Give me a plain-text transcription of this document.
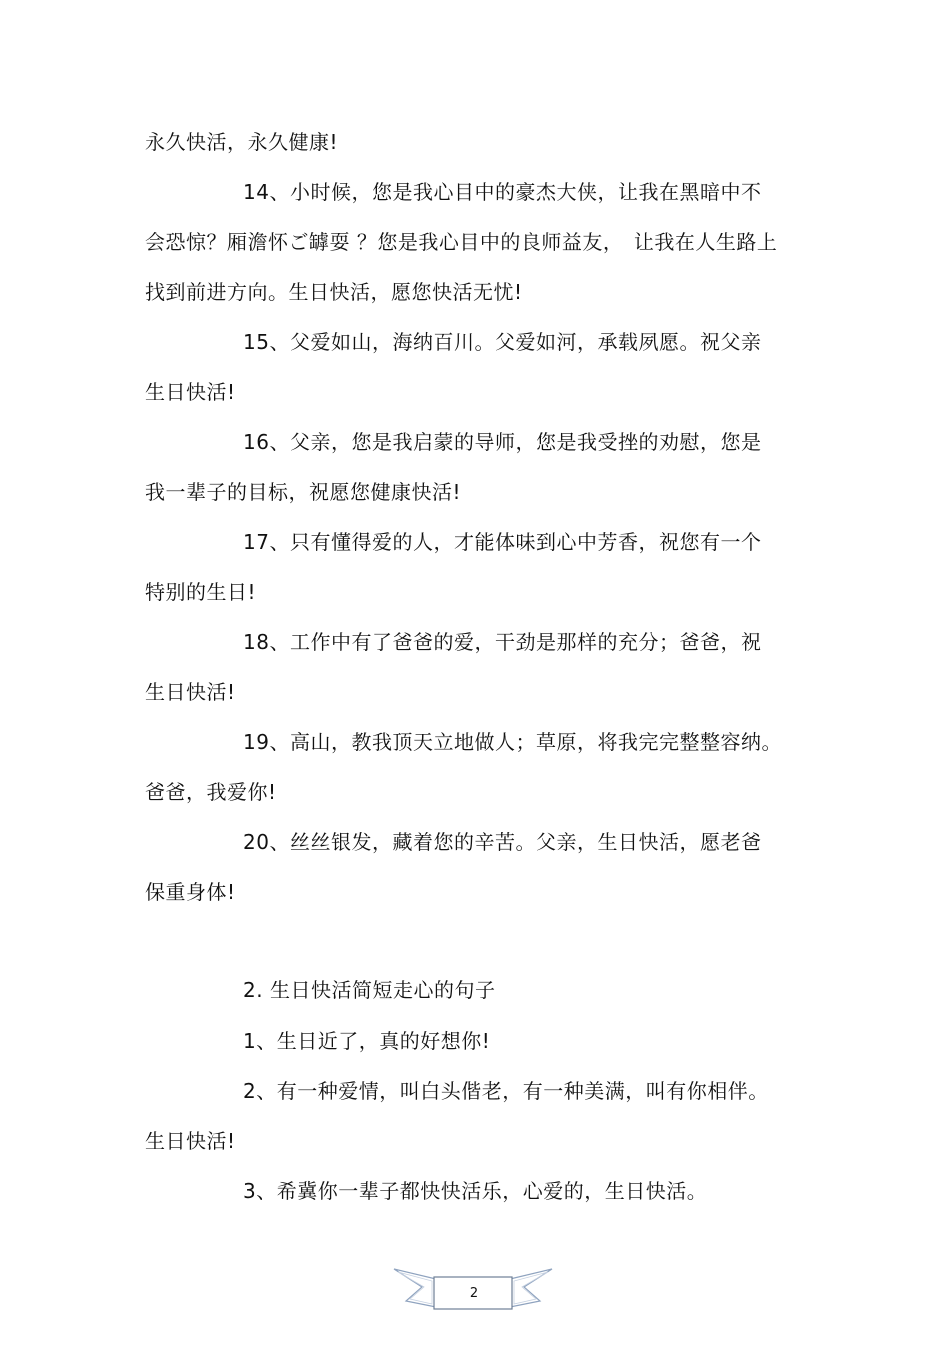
永久快活，永久健康!
14、小时候，您是我心目中的豪杰大侠，让我在黑暗中不
会恐惊？厢澹怀ご罅耍 ？您是我心目中的良师益友，　让我在人生路上
找到前进方向。生日快活，愿您快活无忧!
15、父爱如山，海纳百川。父爱如河，承载夙愿。祝父亲
生日快活!
16、父亲，您是我启蒙的导师，您是我受挫的劝慰，您是
我一辈子的目标，祝愿您健康快活!
17、只有懂得爱的人，才能体味到心中芳香，祝您有一个
特别的生日!
18、工作中有了爸爸的爱，干劲是那样的充分；爸爸，祝
生日快活!
19、高山，教我顶天立地做人；草原，将我完完整整容纳。
爸爸，我爱你!
20、丝丝银发，藏着您的辛苦。父亲，生日快活，愿老爸
保重身体!
2. 生日快活简短走心的句子
1、生日近了，真的好想你!
2、有一种爱情，叫白头偕老，有一种美满，叫有你相伴。
生日快活!
3、希冀你一辈子都快快活乐，心爱的，生日快活。
2
